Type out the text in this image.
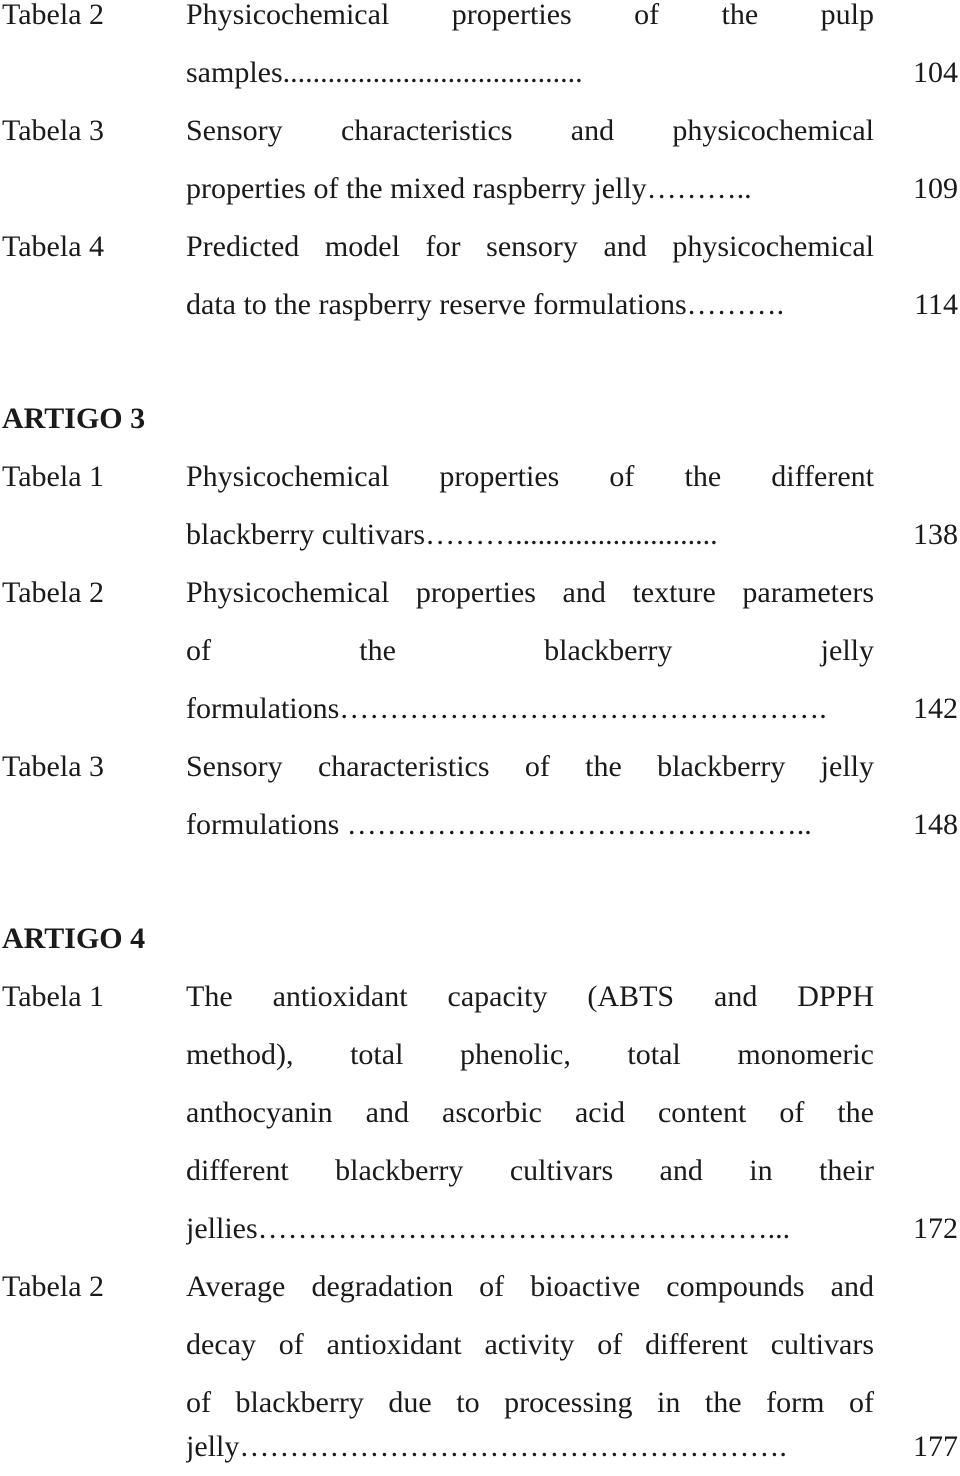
Tabela 2	Physicochemical properties of the pulp
samples........................................	104
Tabela 3	Sensory characteristics and physicochemical
properties of the mixed raspberry jelly………..	109
Tabela 4	Predicted model for sensory and physicochemical
data to the raspberry reserve formulations……….	114
ARTIGO 3
Tabela 1	Physicochemical properties of the different
blackberry cultivars………...........................	138
Tabela 2	Physicochemical properties and texture parameters
of the blackberry jelly
formulations………………………………………….	142
Tabela 3	Sensory characteristics of the blackberry jelly
formulations ………………………………………..	148
ARTIGO 4
Tabela 1	The antioxidant capacity (ABTS and DPPH
method), total phenolic, total monomeric
anthocyanin and ascorbic acid content of the
different blackberry cultivars and in their
jellies……………………………………………...	172
Tabela 2	Average degradation of bioactive compounds and
decay of antioxidant activity of different cultivars
of blackberry due to processing in the form of
jelly……………………………………………….	177
